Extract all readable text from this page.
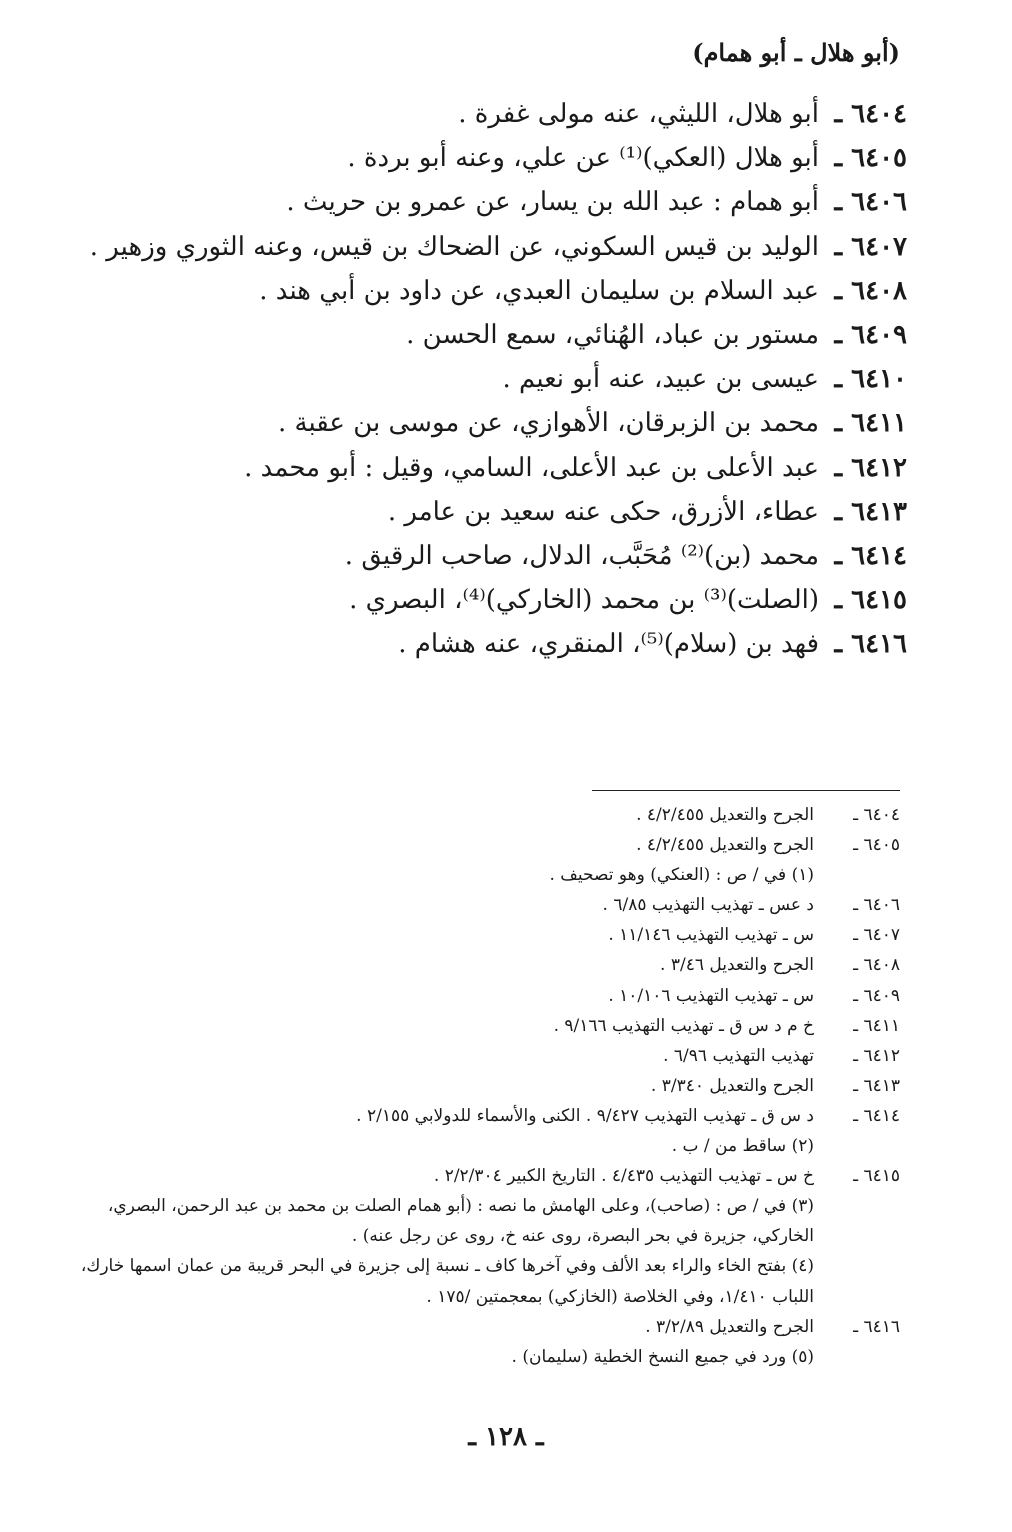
(أبو هلال ـ أبو همام)
٦٤٠٤ ـ
أبو هلال، الليثي، عنه مولى غفرة .
٦٤٠٥ ـ
أبو هلال (العكي)⁽¹⁾ عن علي، وعنه أبو بردة .
٦٤٠٦ ـ
أبو همام : عبد الله بن يسار، عن عمرو بن حريث .
٦٤٠٧ ـ
الوليد بن قيس السكوني، عن الضحاك بن قيس، وعنه الثوري وزهير .
٦٤٠٨ ـ
عبد السلام بن سليمان العبدي، عن داود بن أبي هند .
٦٤٠٩ ـ
مستور بن عباد، الهُنائي، سمع الحسن .
٦٤١٠ ـ
عيسى بن عبيد، عنه أبو نعيم .
٦٤١١ ـ
محمد بن الزبرقان، الأهوازي، عن موسى بن عقبة .
٦٤١٢ ـ
عبد الأعلى بن عبد الأعلى، السامي، وقيل : أبو محمد .
٦٤١٣ ـ
عطاء، الأزرق، حكى عنه سعيد بن عامر .
٦٤١٤ ـ
محمد (بن)⁽²⁾ مُحَبَّب، الدلال، صاحب الرقيق .
٦٤١٥ ـ
(الصلت)⁽³⁾ بن محمد (الخاركي)⁽⁴⁾، البصري .
٦٤١٦ ـ
فهد بن (سلام)⁽⁵⁾، المنقري، عنه هشام .
٦٤٠٤ ـ
الجرح والتعديل ٤/٢/٤٥٥ .
٦٤٠٥ ـ
الجرح والتعديل ٤/٢/٤٥٥ .
(١) في / ص : (العنكي) وهو تصحيف .
٦٤٠٦ ـ
د عس ـ تهذيب التهذيب ٦/٨٥ .
٦٤٠٧ ـ
س ـ تهذيب التهذيب ١١/١٤٦ .
٦٤٠٨ ـ
الجرح والتعديل ٣/٤٦ .
٦٤٠٩ ـ
س ـ تهذيب التهذيب ١٠/١٠٦ .
٦٤١١ ـ
خ م د س ق ـ تهذيب التهذيب ٩/١٦٦ .
٦٤١٢ ـ
تهذيب التهذيب ٦/٩٦ .
٦٤١٣ ـ
الجرح والتعديل ٣/٣٤٠ .
٦٤١٤ ـ
د س ق ـ تهذيب التهذيب ٩/٤٢٧ . الكنى والأسماء للدولابي ٢/١٥٥ .
(٢) ساقط من / ب .
٦٤١٥ ـ
خ س ـ تهذيب التهذيب ٤/٤٣٥ . التاريخ الكبير ٢/٢/٣٠٤ .
(٣) في / ص : (صاحب)، وعلى الهامش ما نصه : (أبو همام الصلت بن محمد بن عبد الرحمن، البصري،
الخاركي، جزيرة في بحر البصرة، روى عنه خ، روى عن رجل عنه) .
(٤) بفتح الخاء والراء بعد الألف وفي آخرها كاف ـ نسبة إلى جزيرة في البحر قريبة من عمان اسمها خارك،
اللباب ١/٤١٠، وفي الخلاصة (الخازكي) بمعجمتين /١٧٥ .
٦٤١٦ ـ
الجرح والتعديل ٣/٢/٨٩ .
(٥) ورد في جميع النسخ الخطية (سليمان) .
ـ ١٢٨ ـ
